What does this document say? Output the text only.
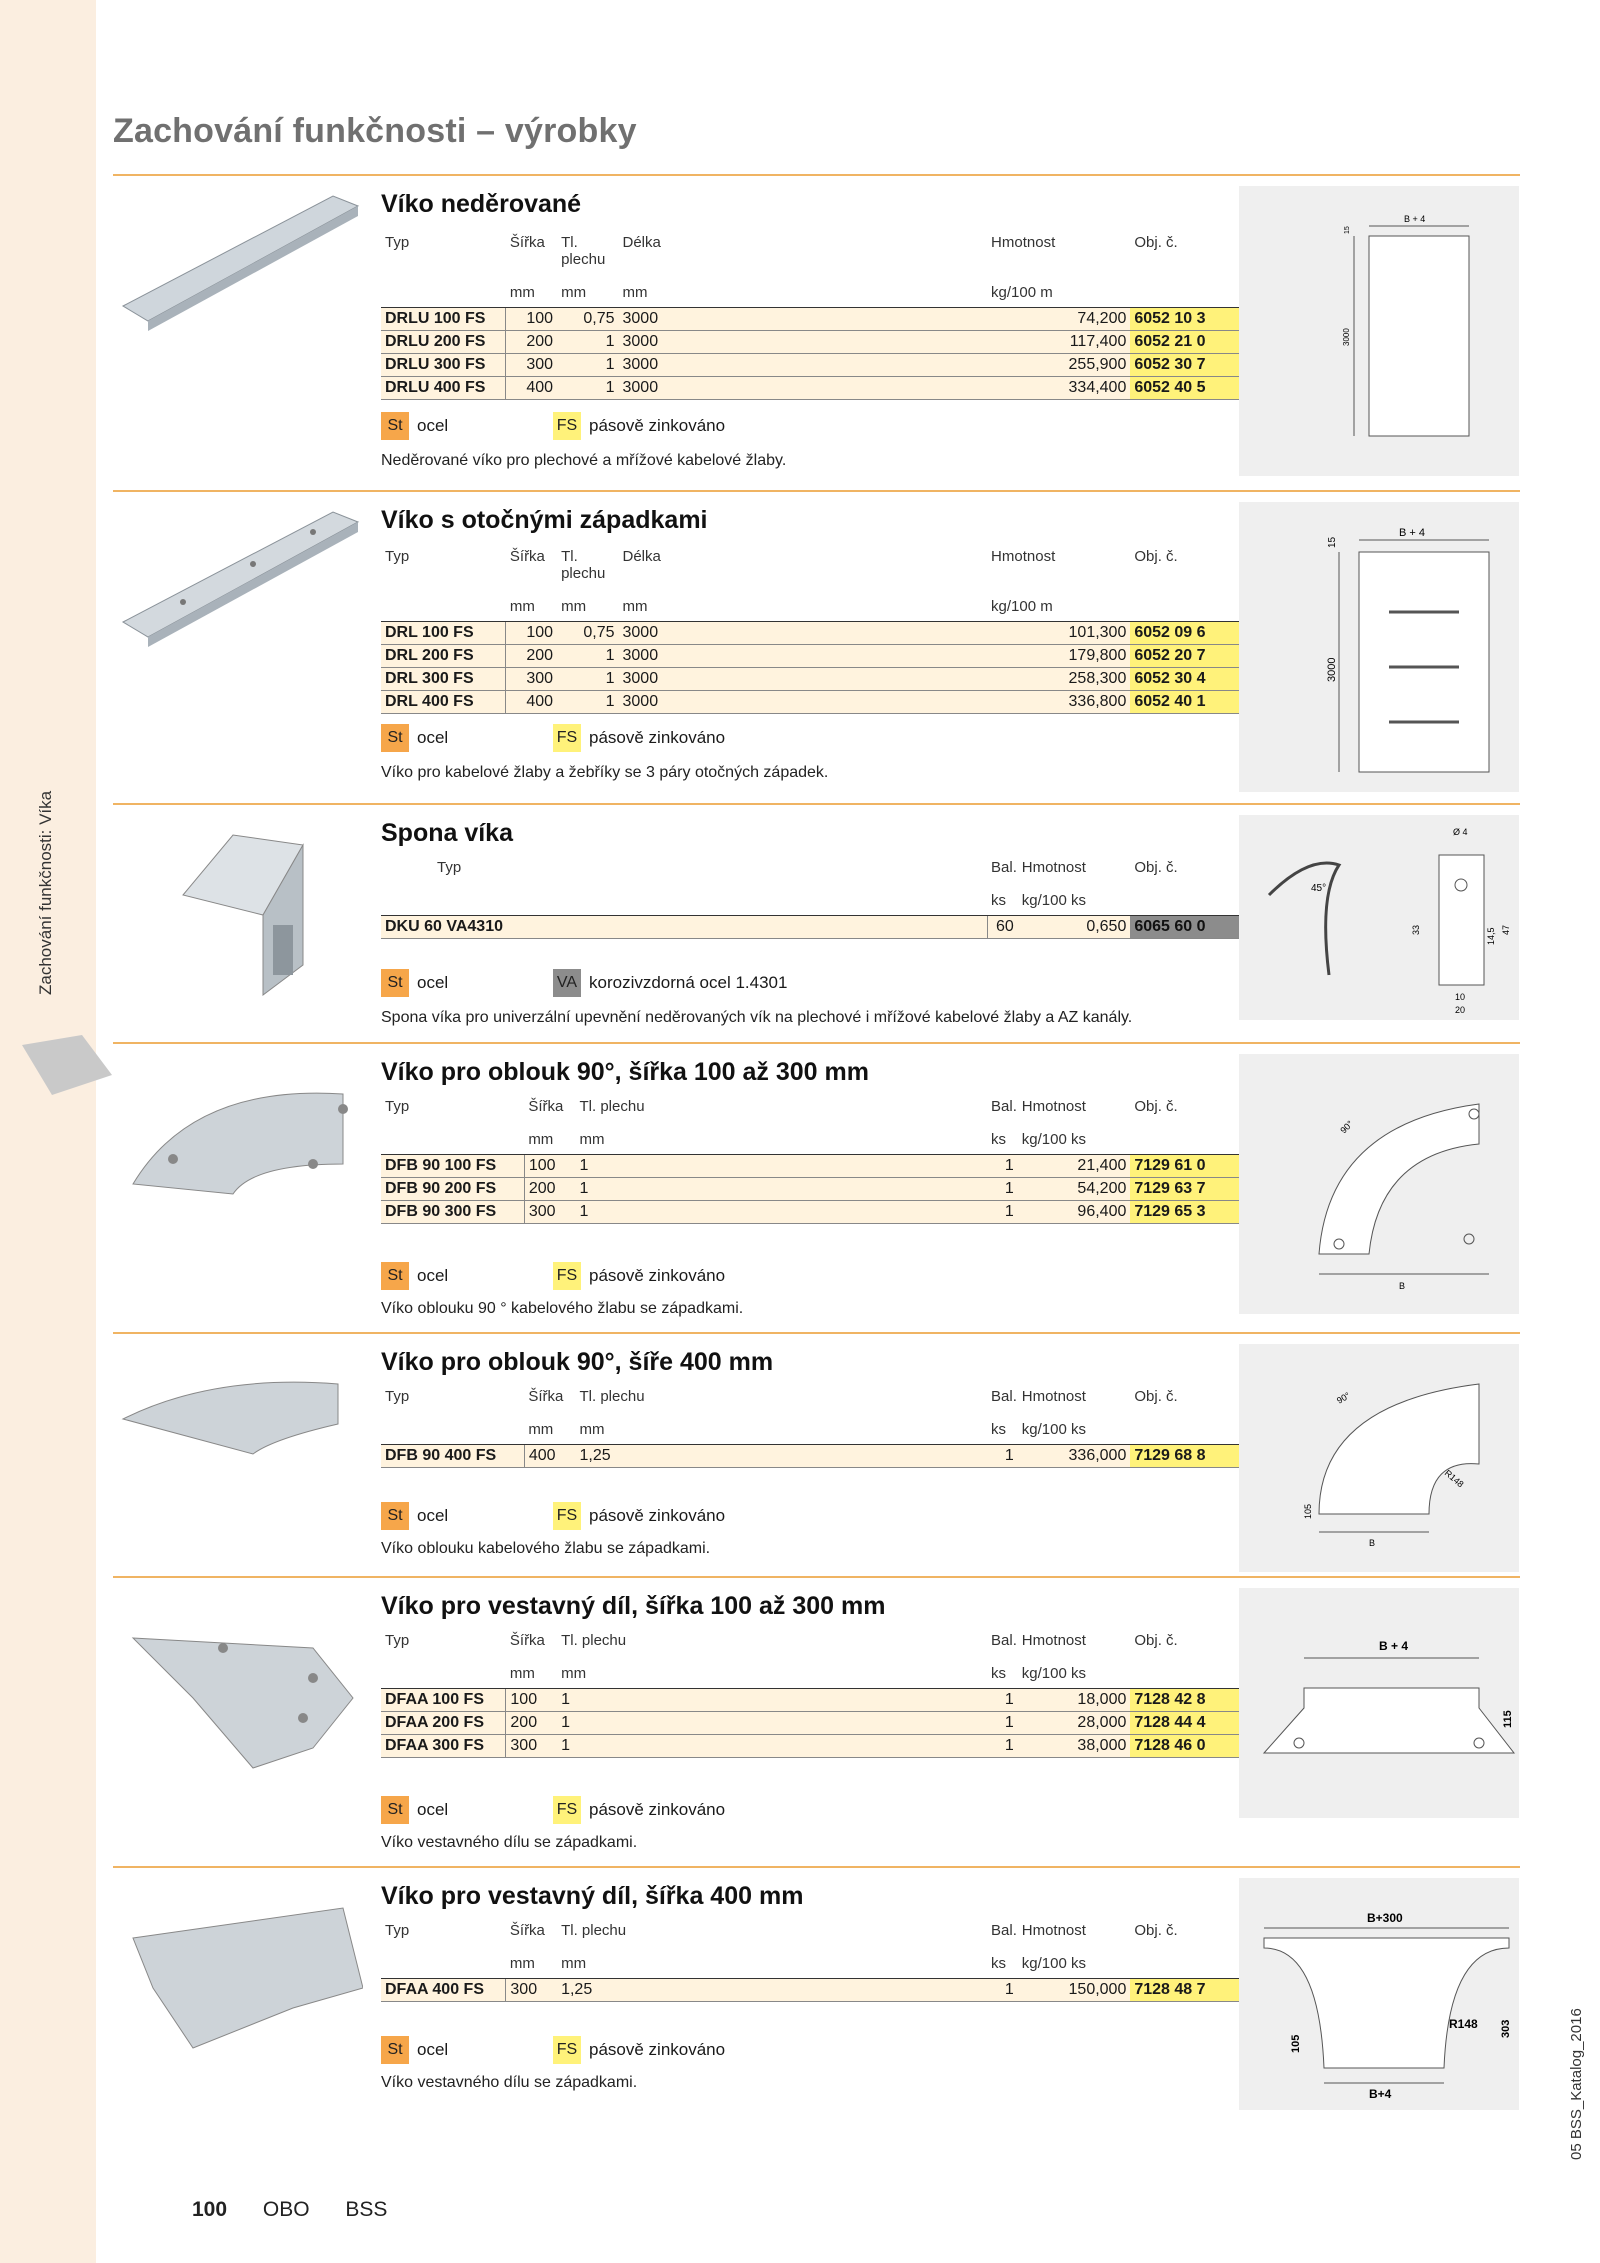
Zachování funkčnosti: Víka
Zachování funkčnosti – výrobky
Víko neděrované
Typ	Šířka	Tl. plechu	Délka	Hmotnost	Obj. č.
	mm	mm	mm	kg/100 m	
DRLU 100 FS	100	0,75	3000	74,200	6052 10 3
DRLU 200 FS	200	1	3000	117,400	6052 21 0
DRLU 300 FS	300	1	3000	255,900	6052 30 7
DRLU 400 FS	400	1	3000	334,400	6052 40 5
St ocel	FS pásově zinkováno
Neděrované víko pro plechové a mřížové kabelové žlaby.
B + 4
3000
15
Víko s otočnými západkami
Typ	Šířka	Tl. plechu	Délka	Hmotnost	Obj. č.
	mm	mm	mm	kg/100 m	
DRL 100 FS	100	0,75	3000	101,300	6052 09 6
DRL 200 FS	200	1	3000	179,800	6052 20 7
DRL 300 FS	300	1	3000	258,300	6052 30 4
DRL 400 FS	400	1	3000	336,800	6052 40 1
St ocel	FS pásově zinkováno
Víko pro kabelové žlaby a žebříky se 3 páry otočných západek.
B + 4
3000
15
Spona víka
Typ	Bal.	Hmotnost	Obj. č.
	ks	kg/100 ks	
DKU 60 VA4310	60	0,650	6065 60 0
St ocel	VA korozivzdorná ocel 1.4301
Spona víka pro univerzální upevnění neděrovaných vík na plechové i mřížové kabelové žlaby a AZ kanály.
45°
Ø 4
33	14,5 47
10
20
Víko pro oblouk 90°, šířka 100 až 300 mm
Typ	Šířka	Tl. plechu	Bal.	Hmotnost	Obj. č.
	mm	mm	ks	kg/100 ks	
DFB 90 100 FS	100	1	1	21,400	7129 61 0
DFB 90 200 FS	200	1	1	54,200	7129 63 7
DFB 90 300 FS	300	1	1	96,400	7129 65 3
St ocel	FS pásově zinkováno
Víko oblouku 90 ° kabelového žlabu se západkami.
90°
B
Víko pro oblouk 90°, šíře 400 mm
Typ	Šířka	Tl. plechu	Bal.	Hmotnost	Obj. č.
	mm	mm	ks	kg/100 ks	
DFB 90 400 FS	400	1,25	1	336,000	7129 68 8
St ocel	FS pásově zinkováno
Víko oblouku kabelového žlabu se západkami.
90°
R148
105
B
Víko pro vestavný díl, šířka 100 až 300 mm
Typ	Šířka	Tl. plechu	Bal.	Hmotnost	Obj. č.
	mm	mm	ks	kg/100 ks	
DFAA 100 FS	100	1	1	18,000	7128 42 8
DFAA 200 FS	200	1	1	28,000	7128 44 4
DFAA 300 FS	300	1	1	38,000	7128 46 0
St ocel	FS pásově zinkováno
Víko vestavného dílu se západkami.
B + 4
115
Víko pro vestavný díl, šířka 400 mm
Typ	Šířka	Tl. plechu	Bal.	Hmotnost	Obj. č.
	mm	mm	ks	kg/100 ks	
DFAA 400 FS	300	1,25	1	150,000	7128 48 7
St ocel	FS pásově zinkováno
Víko vestavného dílu se západkami.
B+300
B+4
R148
105
303	05 BSS_Katalog_2016
100 OBO BSS
